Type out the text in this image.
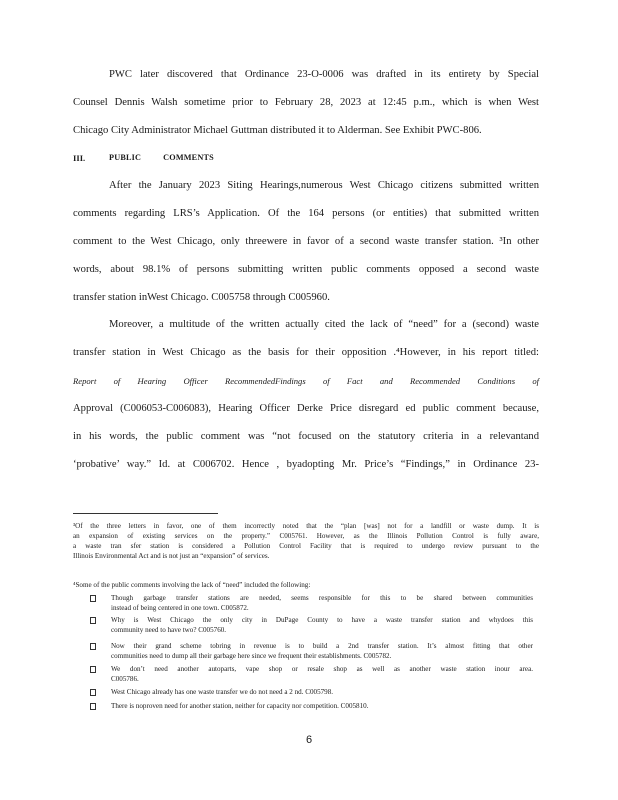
PWC later discovered that Ordinance 23-O-0006 was drafted in its entirety by Special
Counsel Dennis Walsh sometime prior to February 28, 2023 at 12:45 p.m., which is when West
Chicago City Administrator Michael Guttman distributed it to Alderman. See Exhibit PWC-806.
III.	PUBLIC	COMMENTS
After the January 2023 Siting Hearings,numerous West Chicago citizens submitted written
comments regarding LRS’s Application. Of the 164 persons (or entities) that submitted written
comment to the West Chicago, only threewere in favor of a second waste transfer station. ³In other
words, about 98.1% of persons submitting written public comments opposed a second waste
transfer station inWest Chicago. C005758 through C005960.
Moreover, a multitude of the written actually cited the lack of “need” for a (second) waste
transfer station in West Chicago as the basis for their opposition .⁴However, in his report titled:
Report of Hearing Officer RecommendedFindings of Fact and Recommended Conditions of
Approval (C006053-C006083), Hearing Officer Derke Price disregard ed public comment because,
in his words, the public comment was “not focused on the statutory criteria in a relevantand
‘probative’ way.” Id. at C006702. Hence , byadopting Mr. Price’s “Findings,” in Ordinance 23-
³Of the three letters in favor, one of them incorrectly noted that the “plan [was] not for a landfill or waste dump. It is
an expansion of existing services on the property.” C005761. However, as the Illinois Pollution Control is fully aware,
a waste tran sfer station is considered a Pollution Control Facility that is required to undergo review pursuant to the
Illinois Environmental Act and is not just an “expansion” of services.
⁴Some of the public comments involving the lack of “need” included the following:
Though garbage transfer stations are needed, seems responsible for this to be shared between communities
instead of being centered in one town. C005872.
Why is West Chicago the only city in DuPage County to have a waste transfer station and whydoes this
community need to have two? C005760.
Now their grand scheme tobring in revenue is to build a 2nd transfer station. It’s almost fitting that other
communities need to dump all their garbage here since we frequent their establishments. C005782.
We don’t need another autoparts, vape shop or resale shop as well as another waste station inour area.
C005786.
West Chicago already has one waste transfer we do not need a 2 nd. C005798.
There is noproven need for another station, neither for capacity nor competition. C005810.
6
